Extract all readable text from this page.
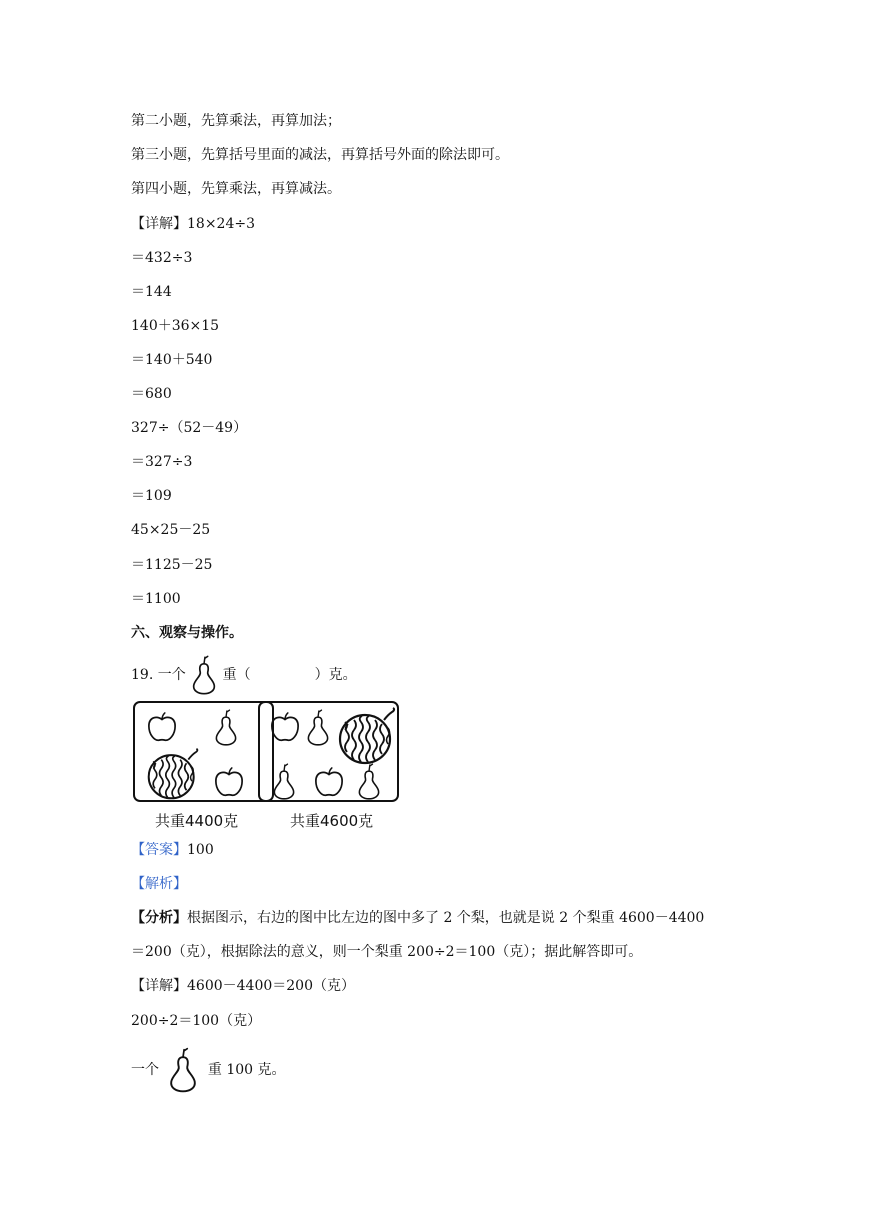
第二小题，先算乘法，再算加法；
第三小题，先算括号里面的减法，再算括号外面的除法即可。
第四小题，先算乘法，再算减法。
【详解】18×24÷3
＝432÷3
＝144
140＋36×15
＝140＋540
＝680
327÷（52－49）
＝327÷3
＝109
45×25－25
＝1125－25
＝1100
六、观察与操作。
19. 一个	重（	）克。
共重4400克	共重4600克
【答案】100
【解析】
【分析】根据图示，右边的图中比左边的图中多了 2 个梨，也就是说 2 个梨重 4600－4400
＝200（克），根据除法的意义，则一个梨重 200÷2＝100（克）；据此解答即可。
【详解】4600－4400＝200（克）
200÷2＝100（克）
一个	重 100 克。
